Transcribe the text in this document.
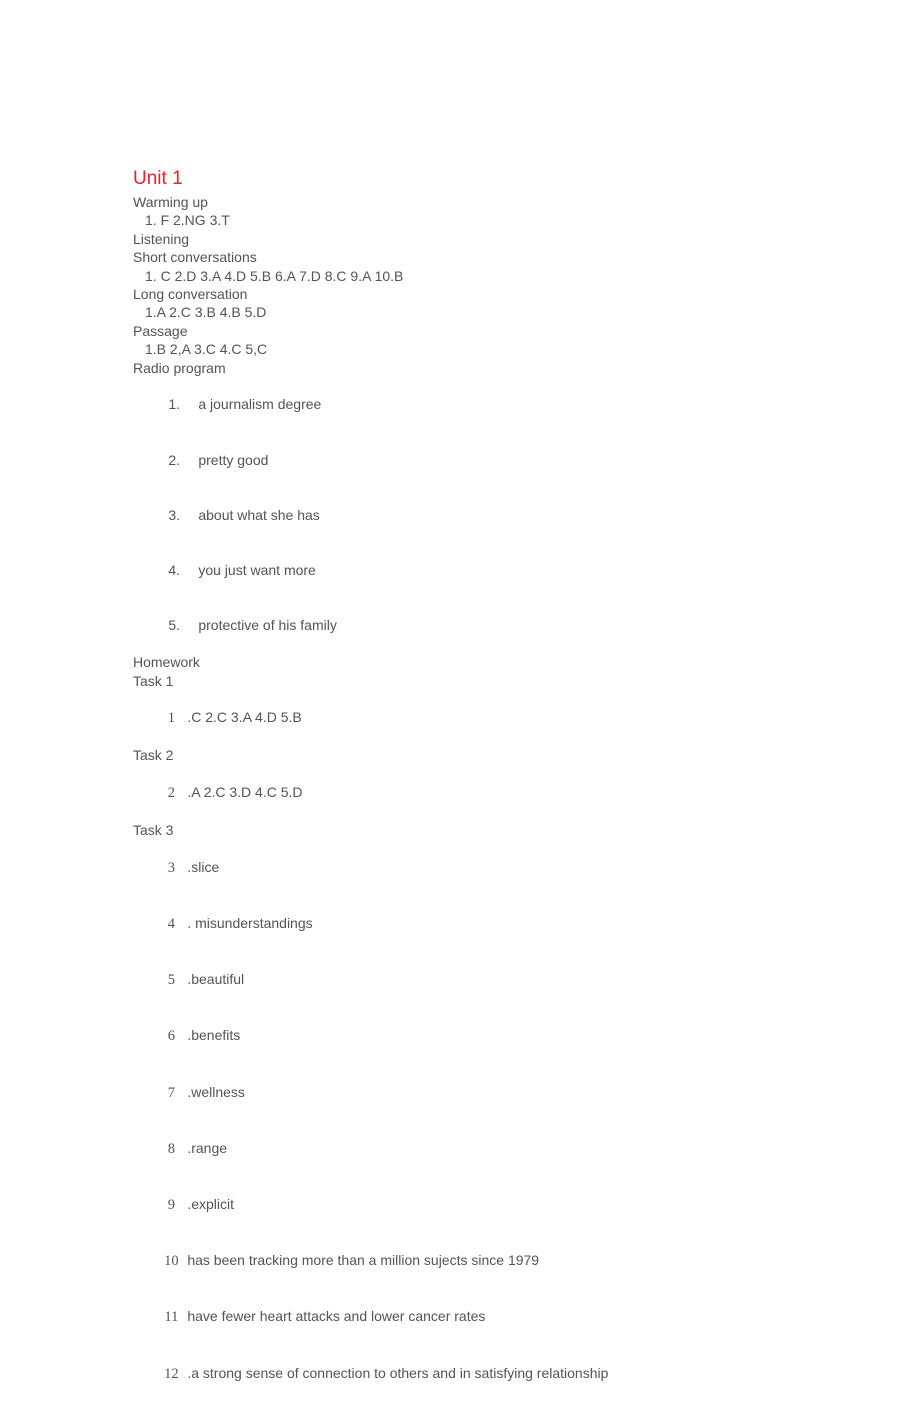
Unit 1
Warming up
1. F 2.NG 3.T
Listening
Short conversations
1. C 2.D 3.A 4.D 5.B 6.A 7.D 8.C 9.A 10.B
Long conversation
1.A 2.C 3.B 4.B 5.D
Passage
1.B 2,A 3.C 4.C 5,C
Radio program

1. a journalism degree

2. pretty good

3. about what she has

4. you just want more

5. protective of his family

Homework
Task 1

1 .C 2.C 3.A 4.D 5.B

Task 2

2 .A 2.C 3.D 4.C 5.D

Task 3

3 .slice

4 . misunderstandings

5 .beautiful

6 .benefits

7 .wellness

8 .range

9 .explicit

10 has been tracking more than a million sujects since 1979

11 have fewer heart attacks and lower cancer rates

12 .a strong sense of connection to others and in satisfying relationship
